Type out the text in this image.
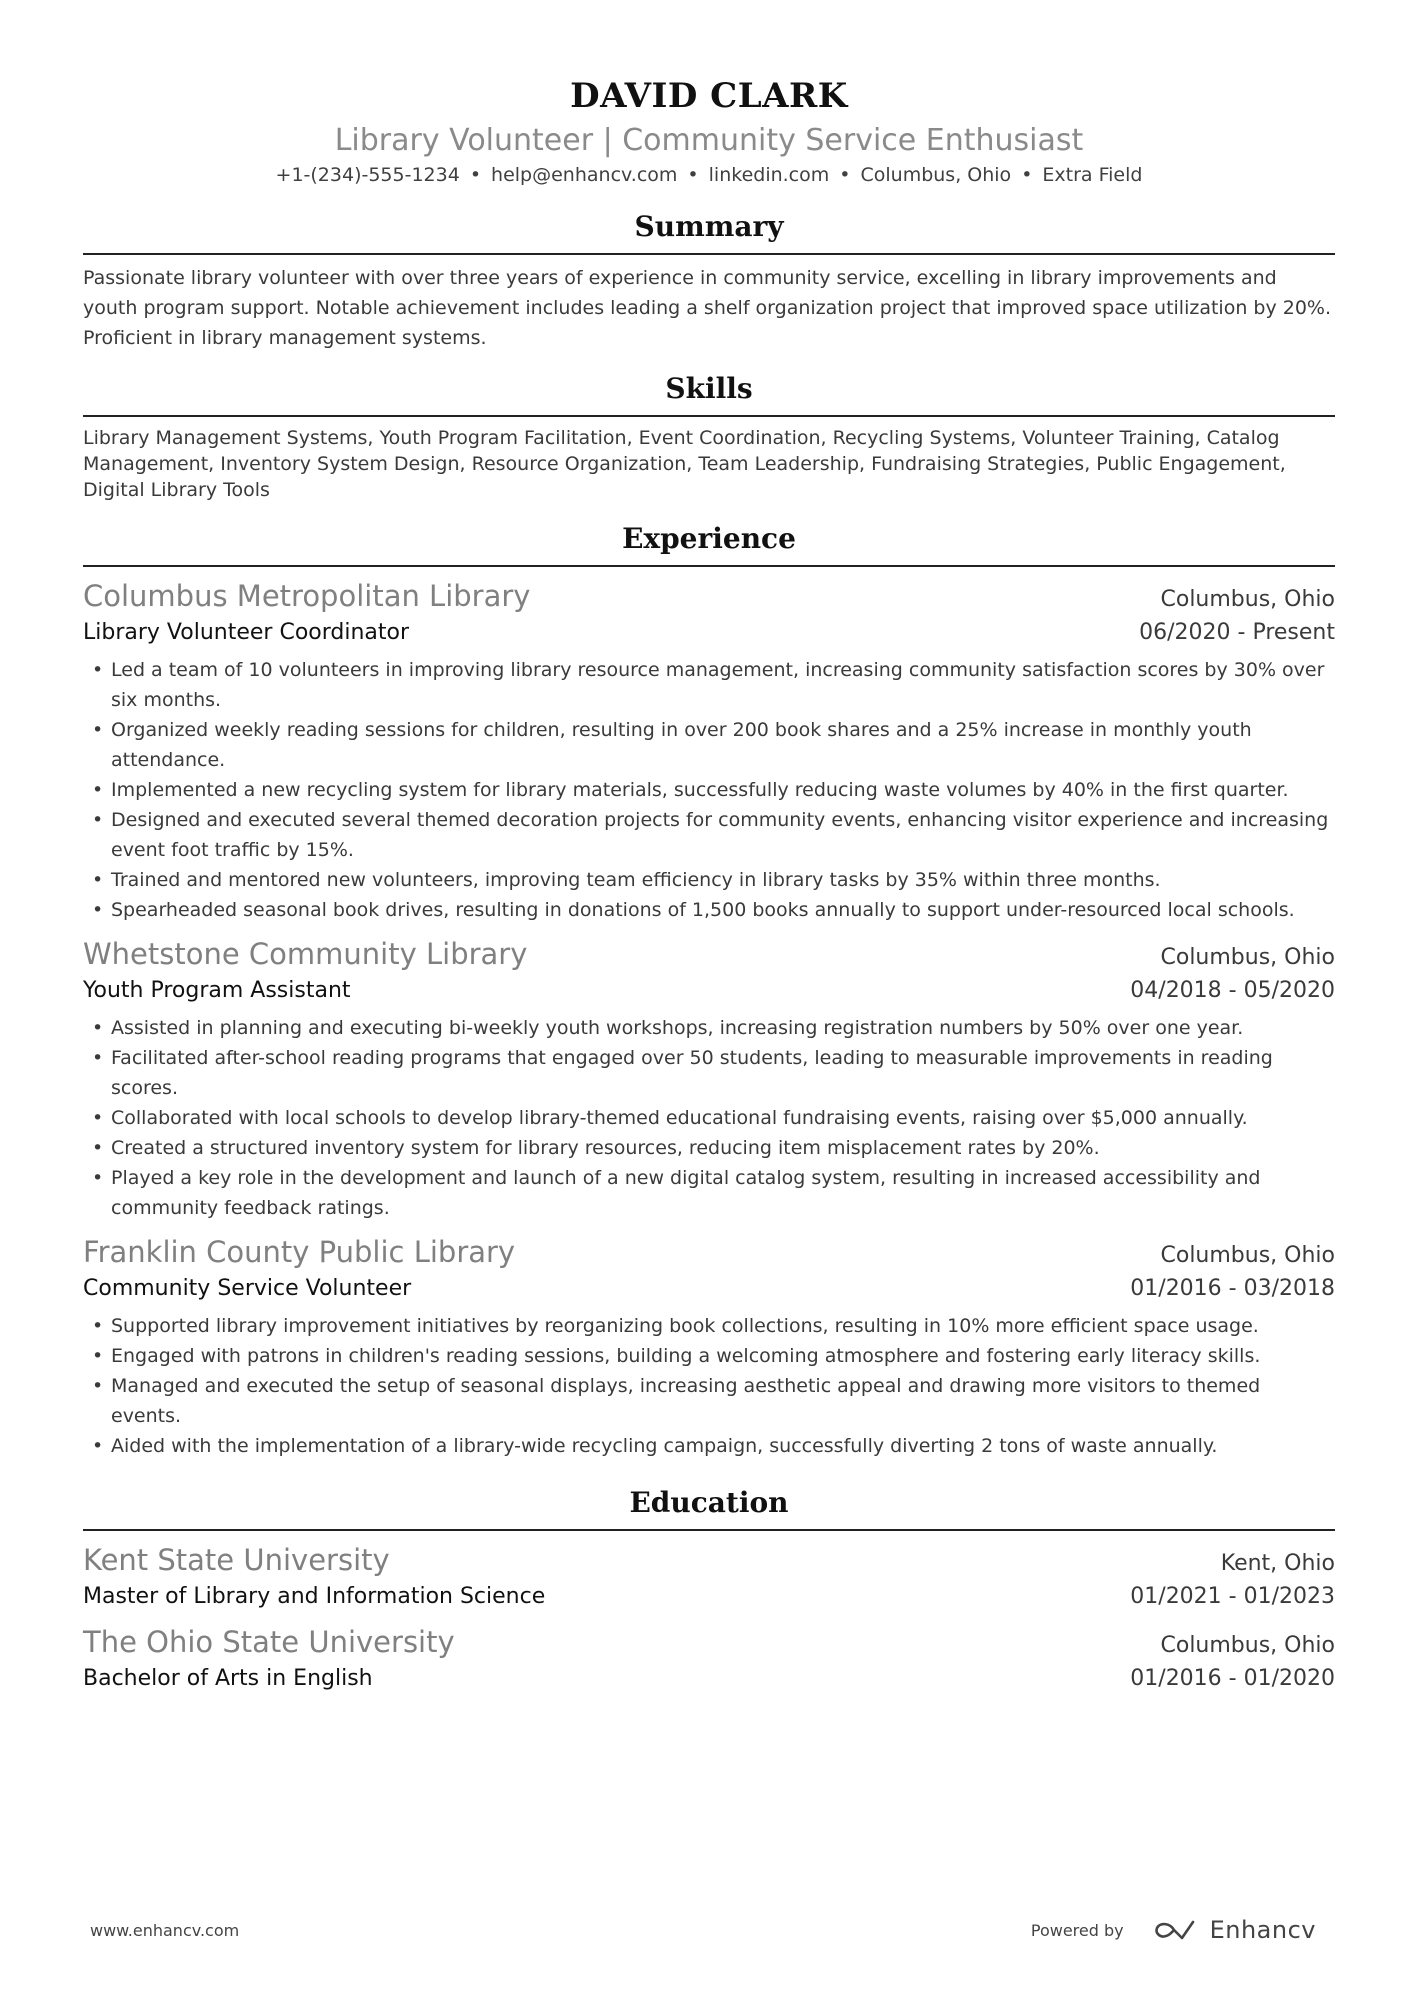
DAVID CLARK
Library Volunteer | Community Service Enthusiast
+1-(234)-555-1234 • help@enhancv.com • linkedin.com • Columbus, Ohio • Extra Field
Summary

Passionate library volunteer with over three years of experience in community service, excelling in library improvements and youth program support. Notable achievement includes leading a shelf organization project that improved space utilization by 20%. Proficient in library management systems.

Skills

Library Management Systems, Youth Program Facilitation, Event Coordination, Recycling Systems, Volunteer Training, Catalog Management, Inventory System Design, Resource Organization, Team Leadership, Fundraising Strategies, Public Engagement, Digital Library Tools

Experience
Columbus Metropolitan Library	Columbus, Ohio
Library Volunteer Coordinator	06/2020 - Present
• Led a team of 10 volunteers in improving library resource management, increasing community satisfaction scores by 30% over six months.
• Organized weekly reading sessions for children, resulting in over 200 book shares and a 25% increase in monthly youth attendance.
• Implemented a new recycling system for library materials, successfully reducing waste volumes by 40% in the first quarter.
• Designed and executed several themed decoration projects for community events, enhancing visitor experience and increasing event foot traffic by 15%.
• Trained and mentored new volunteers, improving team efficiency in library tasks by 35% within three months.
• Spearheaded seasonal book drives, resulting in donations of 1,500 books annually to support under-resourced local schools.
Whetstone Community Library	Columbus, Ohio
Youth Program Assistant	04/2018 - 05/2020
• Assisted in planning and executing bi-weekly youth workshops, increasing registration numbers by 50% over one year.
• Facilitated after-school reading programs that engaged over 50 students, leading to measurable improvements in reading scores.
• Collaborated with local schools to develop library-themed educational fundraising events, raising over $5,000 annually.
• Created a structured inventory system for library resources, reducing item misplacement rates by 20%.
• Played a key role in the development and launch of a new digital catalog system, resulting in increased accessibility and community feedback ratings.
Franklin County Public Library	Columbus, Ohio
Community Service Volunteer	01/2016 - 03/2018
• Supported library improvement initiatives by reorganizing book collections, resulting in 10% more efficient space usage.
• Engaged with patrons in children's reading sessions, building a welcoming atmosphere and fostering early literacy skills.
• Managed and executed the setup of seasonal displays, increasing aesthetic appeal and drawing more visitors to themed events.
• Aided with the implementation of a library-wide recycling campaign, successfully diverting 2 tons of waste annually.
Education
Kent State University	Kent, Ohio
Master of Library and Information Science	01/2021 - 01/2023
The Ohio State University	Columbus, Ohio
Bachelor of Arts in English	01/2016 - 01/2020
www.enhancv.com	Powered by	Enhancv
